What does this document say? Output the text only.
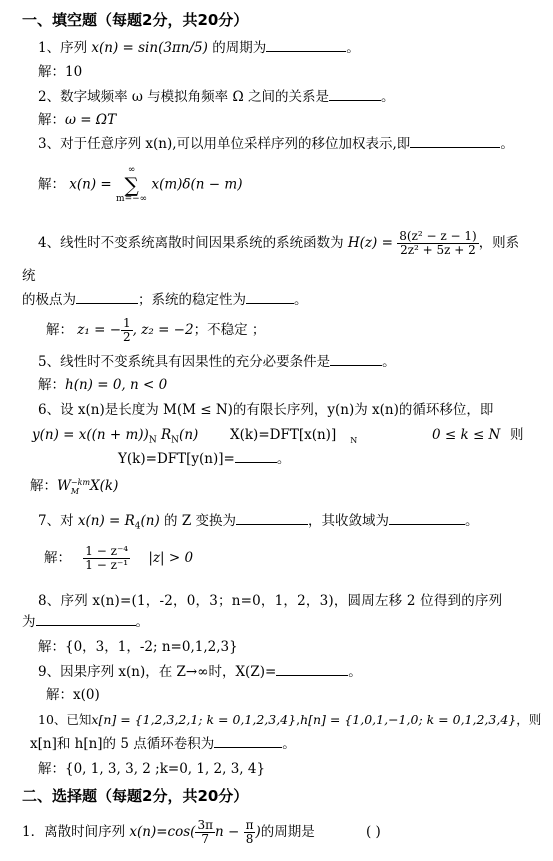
一、填空题（每题2分，共20分）
1、序列 x(n) = sin(3πn/5) 的周期为	。
解：10
2、数字域频率 ω 与模拟角频率 Ω 之间的关系是	。
解：ω = ΩT
3、对于任意序列 x(n),可以用单位采样序列的移位加权表示,即	。
解： x(n) = ∞
∑
m=−∞ x(m)δ(n − m)
4、线性时不变系统离散时间因果系统的系统函数为 $H(z) = \frac{\text{8(z² − z − 1)}}{\text{2z² + 5z + 2}}$ ，则系
统
的极点为	；系统的稳定性为	。
解： z₁ = − $\frac{1}{2}$ , z₂ = −2；不稳定 ；
5、线性时不变系统具有因果性的充分必要条件是	。
解：h(n) = 0, n < 0
6、设 x(n)是长度为 M(M ≤ N)的有限长序列，y(n)为 x(n)的循环移位，即
$y(n) = x((n + m))_N$ $R_N(n)$ X(k)=DFT[x(n)] $_N$	0 ≤ k ≤ N 则
Y(k)=DFT[y(n)]=	。
解：W −km
M X(k)
7、对 $x(n) = R_4(n)$ 的 Z 变换为	，其收敛域为	。
解： $\frac{\text{1 − z⁻⁴}}{\text{1 − z⁻¹}} |z| > 0$
8、序列 x(n)=(1，-2，0，3；n=0，1，2，3)，圆周左移 2 位得到的序列
为	。
解：{0，3，1，-2; n=0,1,2,3}
9、因果序列 x(n)，在 Z→∞时，X(Z)=	。
解：x(0)
10、已知x[n] = {1,2,3,2,1; k = 0,1,2,3,4},h[n] = {1,0,1,−1,0; k = 0,1,2,3,4}，则
x[n]和 h[n]的 5 点循环卷积为	。
解：{0, 1, 3, 3, 2 ;k=0, 1, 2, 3, 4}
二、选择题（每题2分，共20分）
1．离散时间序列 $x(n)=\cos( \frac{3\pi}{7}$ $n - \frac{\pi}{8}$ )的周期是	( )
